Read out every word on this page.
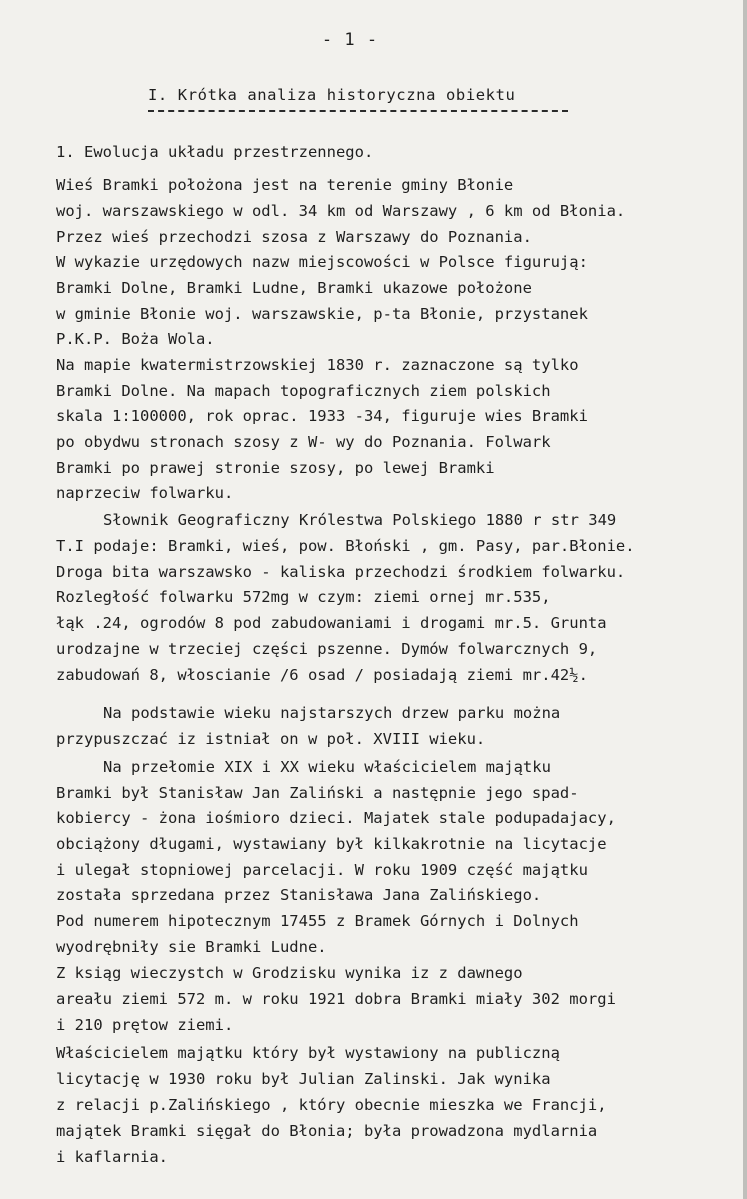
- 1 -
I. Krótka analiza historyczna obiektu
1. Ewolucja układu przestrzennego.
Wieś Bramki położona jest na terenie gminy Błonie
woj. warszawskiego w odl. 34 km od Warszawy , 6 km od Błonia.
Przez wieś przechodzi szosa z Warszawy do Poznania.
W wykazie urzędowych nazw miejscowości w Polsce figurują:
Bramki Dolne, Bramki Ludne, Bramki ukazowe położone
w gminie Błonie woj. warszawskie, p-ta Błonie, przystanek
P.K.P. Boża Wola.
Na mapie kwatermistrzowskiej 1830 r. zaznaczone są tylko
Bramki Dolne. Na mapach topograficznych ziem polskich
skala 1:100000, rok oprac. 1933 -34, figuruje wies Bramki
po obydwu stronach szosy z W- wy do Poznania. Folwark
Bramki po prawej stronie szosy, po lewej Bramki
naprzeciw folwarku.
Słownik Geograficzny Królestwa Polskiego 1880 r str 349
T.I podaje: Bramki, wieś, pow. Błoński , gm. Pasy, par.Błonie.
Droga bita warszawsko - kaliska przechodzi środkiem folwarku.
Rozległość folwarku 572mg w czym: ziemi ornej mr.535,
łąk .24, ogrodów 8 pod zabudowaniami i drogami mr.5. Grunta
urodzajne w trzeciej części pszenne. Dymów folwarcznych 9,
zabudowań 8, włoscianie /6 osad / posiadają ziemi mr.42½.
Na podstawie wieku najstarszych drzew parku można
przypuszczać iz istniał on w poł. XVIII wieku.
Na przełomie XIX i XX wieku właścicielem majątku
Bramki był Stanisław Jan Zaliński a następnie jego spad-
kobiercy - żona iośmioro dzieci. Majatek stale podupadajacy,
obciążony długami, wystawiany był kilkakrotnie na licytacje
i ulegał stopniowej parcelacji. W roku 1909 część majątku
została sprzedana przez Stanisława Jana Zalińskiego.
Pod numerem hipotecznym 17455 z Bramek Górnych i Dolnych
wyodrębniły sie Bramki Ludne.
Z ksiąg wieczystch w Grodzisku wynika iz z dawnego
areału ziemi 572 m. w roku 1921 dobra Bramki miały 302 morgi
i 210 prętow ziemi.
Właścicielem majątku który był wystawiony na publiczną
licytację w 1930 roku był Julian Zalinski. Jak wynika
z relacji p.Zalińskiego , który obecnie mieszka we Francji,
majątek Bramki sięgał do Błonia; była prowadzona mydlarnia
i kaflarnia.
